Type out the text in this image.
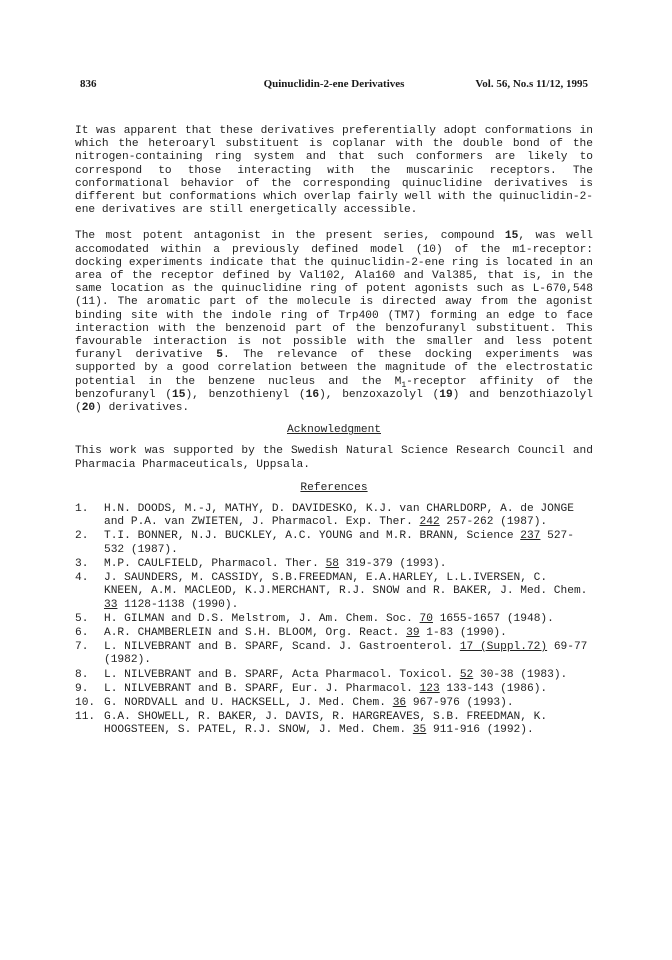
836	Quinuclidin-2-ene Derivatives	Vol. 56, No.s 11/12, 1995

It was apparent that these derivatives preferentially adopt conformations in which the heteroaryl substituent is coplanar with the double bond of the nitrogen-containing ring system and that such conformers are likely to correspond to those interacting with the muscarinic receptors. The conformational behavior of the corresponding quinuclidine derivatives is different but conformations which overlap fairly well with the quinuclidin-2-ene derivatives are still energetically accessible.

The most potent antagonist in the present series, compound 15, was well accomodated within a previously defined model (10) of the m1-receptor: docking experiments indicate that the quinuclidin-2-ene ring is located in an area of the receptor defined by Val102, Ala160 and Val385, that is, in the same location as the quinuclidine ring of potent agonists such as L-670,548 (11). The aromatic part of the molecule is directed away from the agonist binding site with the indole ring of Trp400 (TM7) forming an edge to face interaction with the benzenoid part of the benzofuranyl substituent. This favourable interaction is not possible with the smaller and less potent furanyl derivative 5. The relevance of these docking experiments was supported by a good correlation between the magnitude of the electrostatic potential in the benzene nucleus and the $M_1$-receptor affinity of the benzofuranyl (15), benzothienyl (16), benzoxazolyl (19) and benzothiazolyl (20) derivatives.

Acknowledgment

This work was supported by the Swedish Natural Science Research Council and Pharmacia Pharmaceuticals, Uppsala.

References

1. H.N. DOODS, M.-J, MATHY, D. DAVIDESKO, K.J. van CHARLDORP, A. de JONGE and P.A. van ZWIETEN, J. Pharmacol. Exp. Ther. 242 257-262 (1987).
2. T.I. BONNER, N.J. BUCKLEY, A.C. YOUNG and M.R. BRANN, Science 237 527-532 (1987).
3. M.P. CAULFIELD, Pharmacol. Ther. 58 319-379 (1993).
4. J. SAUNDERS, M. CASSIDY, S.B.FREEDMAN, E.A.HARLEY, L.L.IVERSEN, C. KNEEN, A.M. MACLEOD, K.J.MERCHANT, R.J. SNOW and R. BAKER, J. Med. Chem. 33 1128-1138 (1990).
5. H. GILMAN and D.S. Melstrom, J. Am. Chem. Soc. 70 1655-1657 (1948).
6. A.R. CHAMBERLEIN and S.H. BLOOM, Org. React. 39 1-83 (1990).
7. L. NILVEBRANT and B. SPARF, Scand. J. Gastroenterol. 17 (Suppl.72) 69-77 (1982).
8. L. NILVEBRANT and B. SPARF, Acta Pharmacol. Toxicol. 52 30-38 (1983).
9. L. NILVEBRANT and B. SPARF, Eur. J. Pharmacol. 123 133-143 (1986).
10. G. NORDVALL and U. HACKSELL, J. Med. Chem. 36 967-976 (1993).
11. G.A. SHOWELL, R. BAKER, J. DAVIS, R. HARGREAVES, S.B. FREEDMAN, K. HOOGSTEEN, S. PATEL, R.J. SNOW, J. Med. Chem. 35 911-916 (1992).
